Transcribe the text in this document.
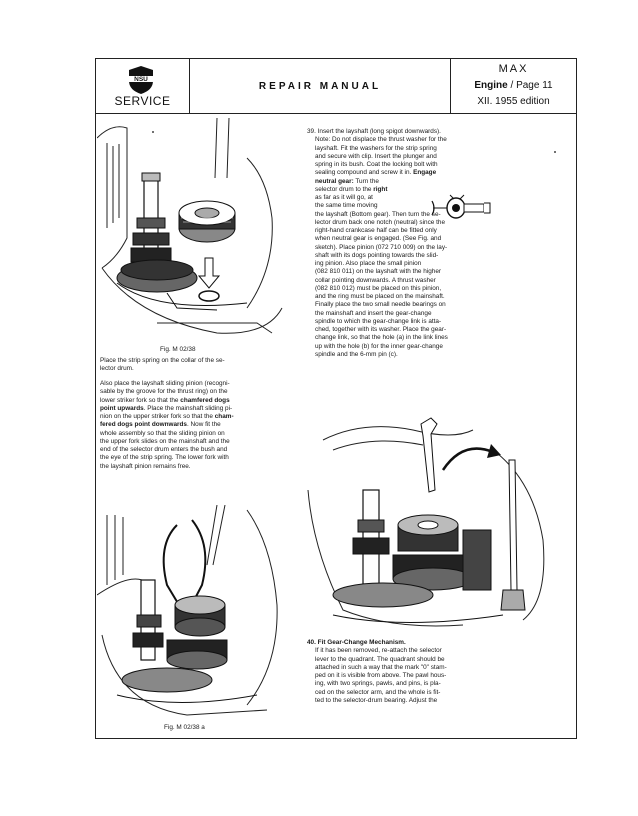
NSU
SERVICE
REPAIR MANUAL
MAX
Engine / Page 11
XII. 1955 edition
Fig. M 02/38
Place the strip spring on the collar of the se-
lector drum.
Also place the layshaft sliding pinion (recogni-
sable by the groove for the thrust ring) on the
lower striker fork so that the chamfered dogs
point upwards. Place the mainshaft sliding pi-
nion on the upper striker fork so that the cham-
fered dogs point downwards. Now fit the
whole assembly so that the sliding pinion on
the upper fork slides on the mainshaft and the
end of the selector drum enters the bush and
the eye of the strip spring. The lower fork with
the layshaft pinion remains free.
Fig. M 02/38 a
39. Insert the layshaft (long spigot downwards).
Note: Do not displace the thrust washer for the
layshaft. Fit the washers for the strip spring
and secure with clip. Insert the plunger and
spring in its bush. Coat the locking bolt with
sealing compound and screw it in. Engage
neutral gear: Turn the
selector drum to the right
as far as it will go, at
the same time moving
the layshaft (Bottom gear). Then turn the se-
lector drum back one notch (neutral) since the
right-hand crankcase half can be fitted only
when neutral gear is engaged. (See Fig. and
sketch). Place pinion (072 710 009) on the lay-
shaft with its dogs pointing towards the slid-
ing pinion. Also place the small pinion
(082 810 011) on the layshaft with the higher
collar pointing downwards. A thrust washer
(082 810 012) must be placed on this pinion,
and the ring must be placed on the mainshaft.
Finally place the two small needle bearings on
the mainshaft and insert the gear-change
spindle to which the gear-change link is atta-
ched, together with its washer. Place the gear-
change link, so that the hole (a) in the link lines
up with the hole (b) for the inner gear-change
spindle and the 6-mm pin (c).
40. Fit Gear-Change Mechanism.
If it has been removed, re-attach the selector
lever to the quadrant. The quadrant should be
attached in such a way that the mark "0" stam-
ped on it is visible from above. The pawl hous-
ing, with two springs, pawls, and pins, is pla-
ced on the selector arm, and the whole is fit-
ted to the selector-drum bearing. Adjust the
